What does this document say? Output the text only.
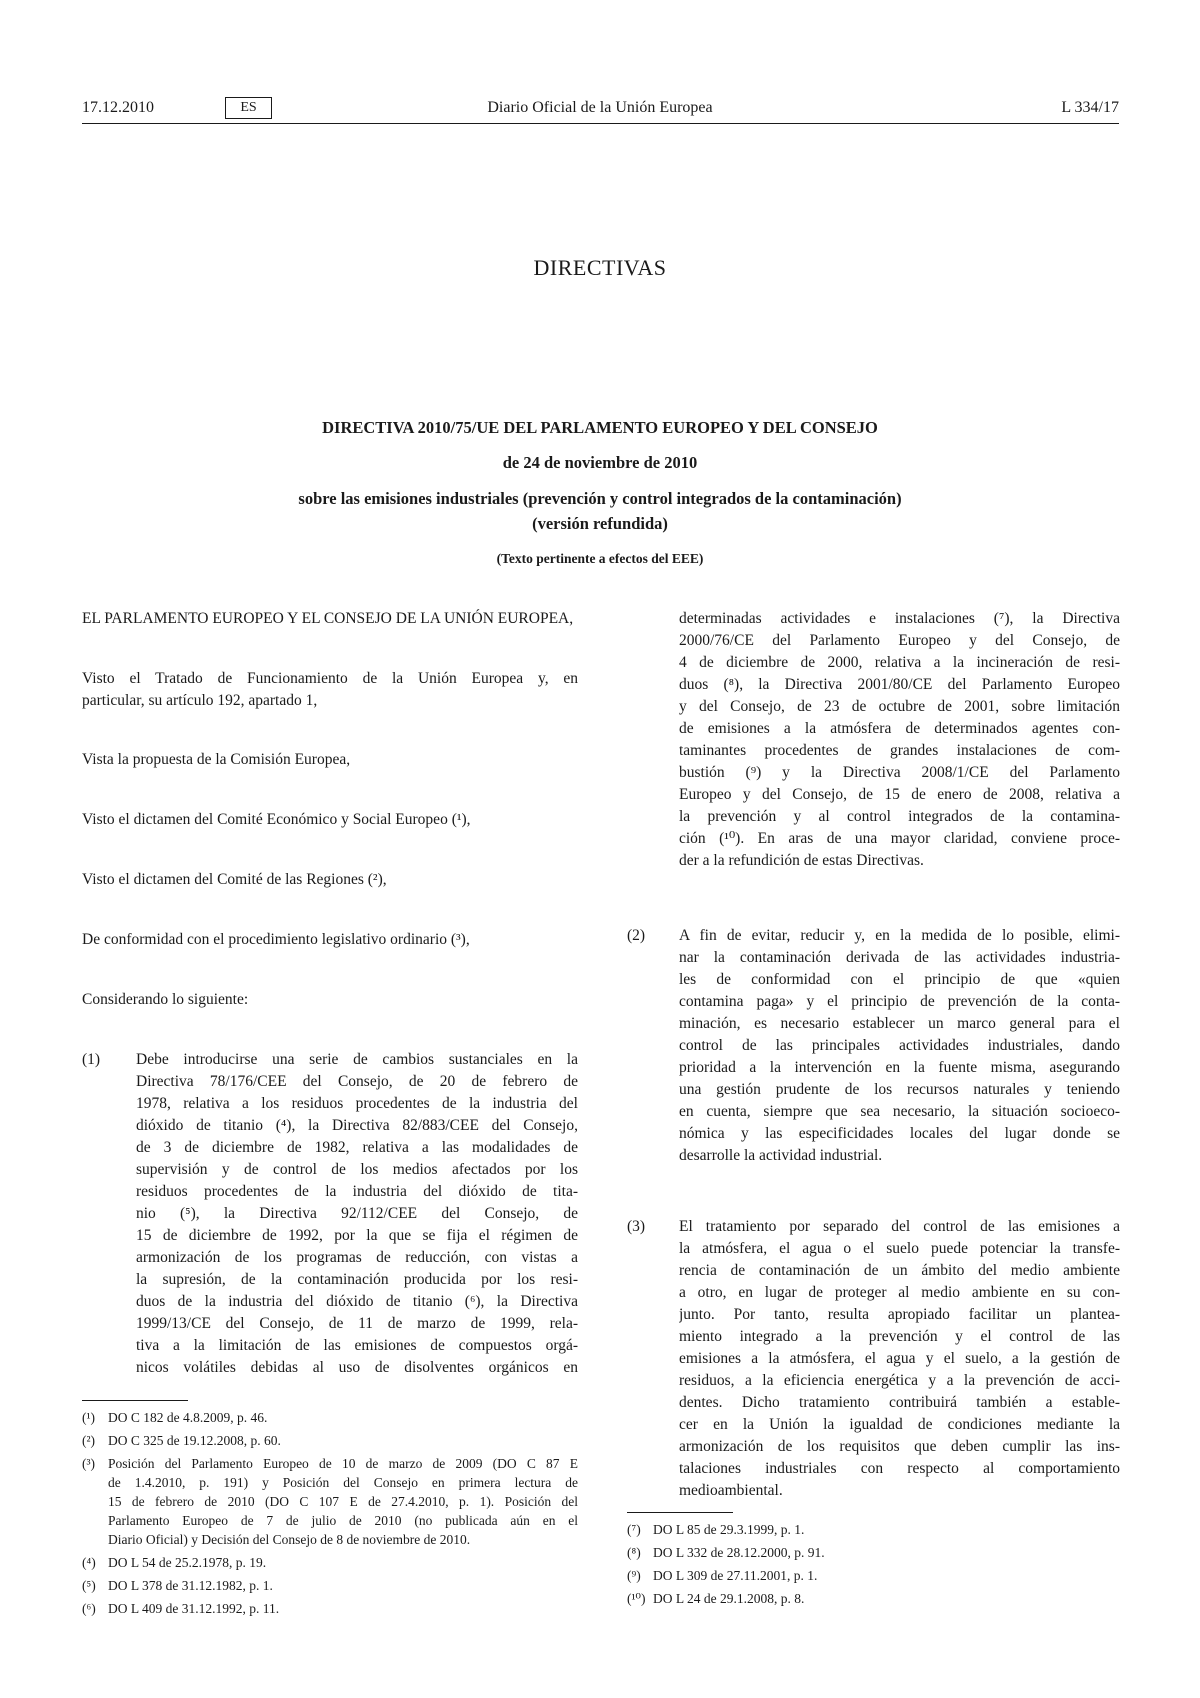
17.12.2010	ES	Diario Oficial de la Unión Europea	L 334/17
DIRECTIVAS
DIRECTIVA 2010/75/UE DEL PARLAMENTO EUROPEO Y DEL CONSEJO
de 24 de noviembre de 2010
sobre las emisiones industriales (prevención y control integrados de la contaminación)
(versión refundida)
(Texto pertinente a efectos del EEE)
EL PARLAMENTO EUROPEO Y EL CONSEJO DE LA UNIÓN EUROPEA,
Visto el Tratado de Funcionamiento de la Unión Europea y, en
particular, su artículo 192, apartado 1,
Vista la propuesta de la Comisión Europea,
Visto el dictamen del Comité Económico y Social Europeo (¹),
Visto el dictamen del Comité de las Regiones (²),
De conformidad con el procedimiento legislativo ordinario (³),
Considerando lo siguiente:
(1) Debe introducirse una serie de cambios sustanciales en la
Directiva 78/176/CEE del Consejo, de 20 de febrero de
1978, relativa a los residuos procedentes de la industria del
dióxido de titanio (⁴), la Directiva 82/883/CEE del Consejo,
de 3 de diciembre de 1982, relativa a las modalidades de
supervisión y de control de los medios afectados por los
residuos procedentes de la industria del dióxido de tita-
nio (⁵), la Directiva 92/112/CEE del Consejo, de
15 de diciembre de 1992, por la que se fija el régimen de
armonización de los programas de reducción, con vistas a
la supresión, de la contaminación producida por los resi-
duos de la industria del dióxido de titanio (⁶), la Directiva
1999/13/CE del Consejo, de 11 de marzo de 1999, rela-
tiva a la limitación de las emisiones de compuestos orgá-
nicos volátiles debidas al uso de disolventes orgánicos en
(¹) DO C 182 de 4.8.2009, p. 46.
(²) DO C 325 de 19.12.2008, p. 60.
(³) Posición del Parlamento Europeo de 10 de marzo de 2009 (DO C 87 E
de 1.4.2010, p. 191) y Posición del Consejo en primera lectura de
15 de febrero de 2010 (DO C 107 E de 27.4.2010, p. 1). Posición del
Parlamento Europeo de 7 de julio de 2010 (no publicada aún en el
Diario Oficial) y Decisión del Consejo de 8 de noviembre de 2010.
(⁴) DO L 54 de 25.2.1978, p. 19.
(⁵) DO L 378 de 31.12.1982, p. 1.
(⁶) DO L 409 de 31.12.1992, p. 11.
determinadas actividades e instalaciones (⁷), la Directiva
2000/76/CE del Parlamento Europeo y del Consejo, de
4 de diciembre de 2000, relativa a la incineración de resi-
duos (⁸), la Directiva 2001/80/CE del Parlamento Europeo
y del Consejo, de 23 de octubre de 2001, sobre limitación
de emisiones a la atmósfera de determinados agentes con-
taminantes procedentes de grandes instalaciones de com-
bustión (⁹) y la Directiva 2008/1/CE del Parlamento
Europeo y del Consejo, de 15 de enero de 2008, relativa a
la prevención y al control integrados de la contamina-
ción (¹⁰). En aras de una mayor claridad, conviene proce-
der a la refundición de estas Directivas.
(2) A fin de evitar, reducir y, en la medida de lo posible, elimi-
nar la contaminación derivada de las actividades industria-
les de conformidad con el principio de que «quien
contamina paga» y el principio de prevención de la conta-
minación, es necesario establecer un marco general para el
control de las principales actividades industriales, dando
prioridad a la intervención en la fuente misma, asegurando
una gestión prudente de los recursos naturales y teniendo
en cuenta, siempre que sea necesario, la situación socioeco-
nómica y las especificidades locales del lugar donde se
desarrolle la actividad industrial.
(3) El tratamiento por separado del control de las emisiones a
la atmósfera, el agua o el suelo puede potenciar la transfe-
rencia de contaminación de un ámbito del medio ambiente
a otro, en lugar de proteger al medio ambiente en su con-
junto. Por tanto, resulta apropiado facilitar un plantea-
miento integrado a la prevención y el control de las
emisiones a la atmósfera, el agua y el suelo, a la gestión de
residuos, a la eficiencia energética y a la prevención de acci-
dentes. Dicho tratamiento contribuirá también a estable-
cer en la Unión la igualdad de condiciones mediante la
armonización de los requisitos que deben cumplir las ins-
talaciones industriales con respecto al comportamiento
medioambiental.
(⁷) DO L 85 de 29.3.1999, p. 1.
(⁸) DO L 332 de 28.12.2000, p. 91.
(⁹) DO L 309 de 27.11.2001, p. 1.
(¹⁰) DO L 24 de 29.1.2008, p. 8.
